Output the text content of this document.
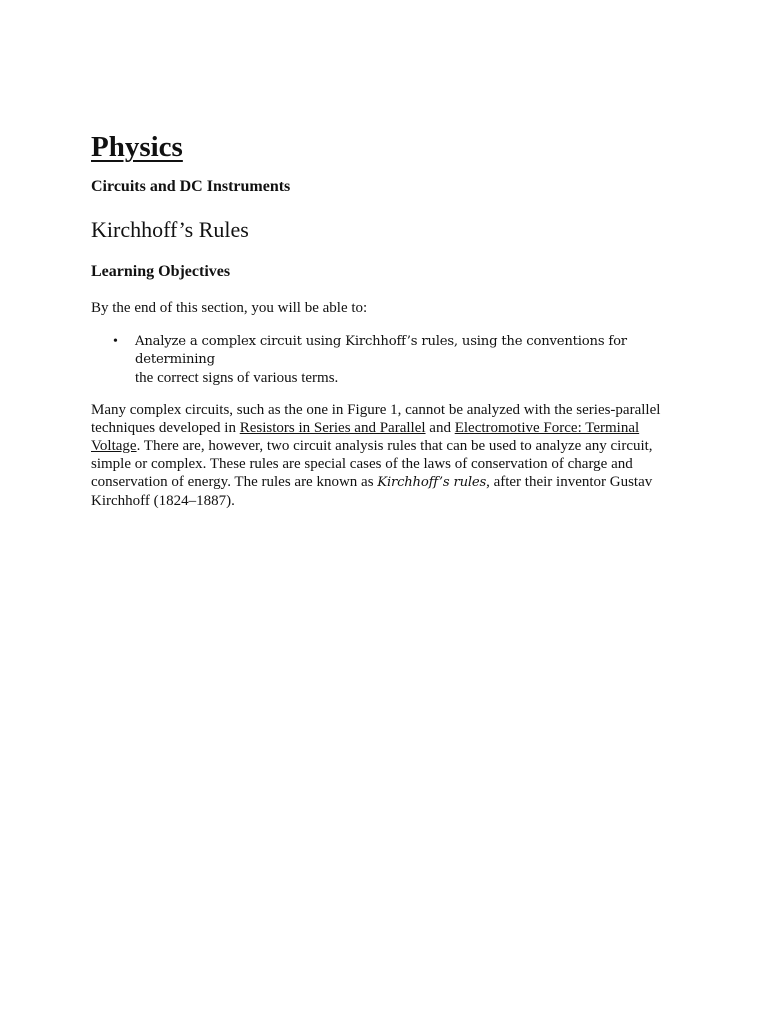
Physics
Circuits and DC Instruments
Kirchhoff’s Rules
Learning Objectives

By the end of this section, you will be able to:

• Analyze a complex circuit using Kirchhoff’s rules, using the conventions for determining
the correct signs of various terms.

Many complex circuits, such as the one in Figure 1, cannot be analyzed with the series-parallel techniques developed in Resistors in Series and Parallel and Electromotive Force: Terminal Voltage. There are, however, two circuit analysis rules that can be used to analyze any circuit, simple or complex. These rules are special cases of the laws of conservation of charge and conservation of energy. The rules are known as Kirchhoff’s rules, after their inventor Gustav Kirchhoff (1824–1887).
